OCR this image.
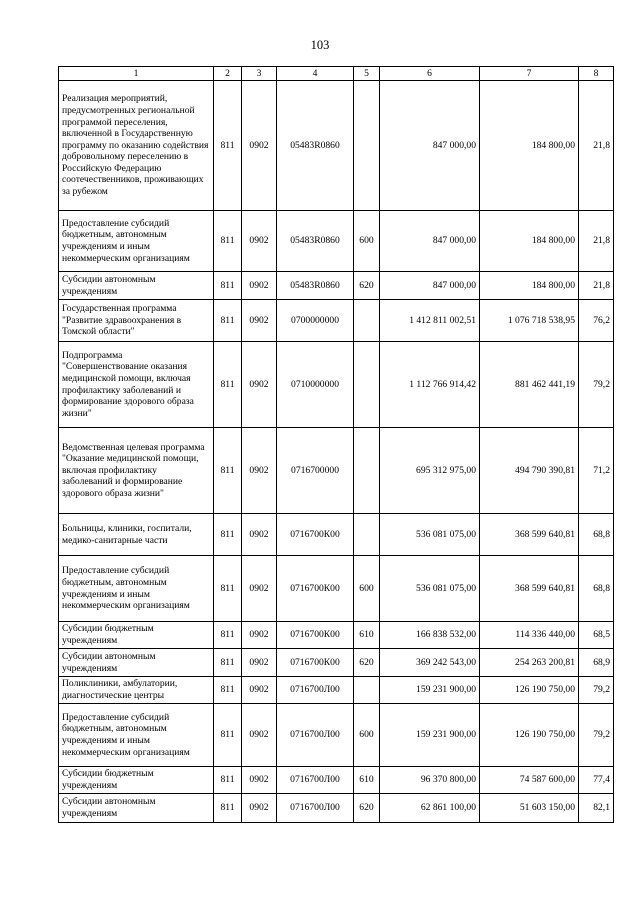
103
1	2	3	4	5	6	7	8
Реализация мероприятий, предусмотренных региональной программой переселения, включенной в Государственную программу по оказанию содействия добровольному переселению в Российскую Федерацию соотечественников, проживающих за рубежом	811	0902	05483R0860		847 000,00	184 800,00	21,8
Предоставление субсидий бюджетным, автономным учреждениям и иным некоммерческим организациям	811	0902	05483R0860	600	847 000,00	184 800,00	21,8
Субсидии автономным учреждениям	811	0902	05483R0860	620	847 000,00	184 800,00	21,8
Государственная программа "Развитие здравоохранения в Томской области"	811	0902	0700000000		1 412 811 002,51	1 076 718 538,95	76,2
Подпрограмма "Совершенствование оказания медицинской помощи, включая профилактику заболеваний и формирование здорового образа жизни"	811	0902	0710000000		1 112 766 914,42	881 462 441,19	79,2
Ведомственная целевая программа "Оказание медицинской помощи, включая профилактику заболеваний и формирование здорового образа жизни"	811	0902	0716700000		695 312 975,00	494 790 390,81	71,2
Больницы, клиники, госпитали, медико-санитарные части	811	0902	0716700К00		536 081 075,00	368 599 640,81	68,8
Предоставление субсидий бюджетным, автономным учреждениям и иным некоммерческим организациям	811	0902	0716700К00	600	536 081 075,00	368 599 640,81	68,8
Субсидии бюджетным учреждениям	811	0902	0716700К00	610	166 838 532,00	114 336 440,00	68,5
Субсидии автономным учреждениям	811	0902	0716700К00	620	369 242 543,00	254 263 200,81	68,9
Поликлиники, амбулатории, диагностические центры	811	0902	0716700Л00		159 231 900,00	126 190 750,00	79,2
Предоставление субсидий бюджетным, автономным учреждениям и иным некоммерческим организациям	811	0902	0716700Л00	600	159 231 900,00	126 190 750,00	79,2
Субсидии бюджетным учреждениям	811	0902	0716700Л00	610	96 370 800,00	74 587 600,00	77,4
Субсидии автономным учреждениям	811	0902	0716700Л00	620	62 861 100,00	51 603 150,00	82,1
